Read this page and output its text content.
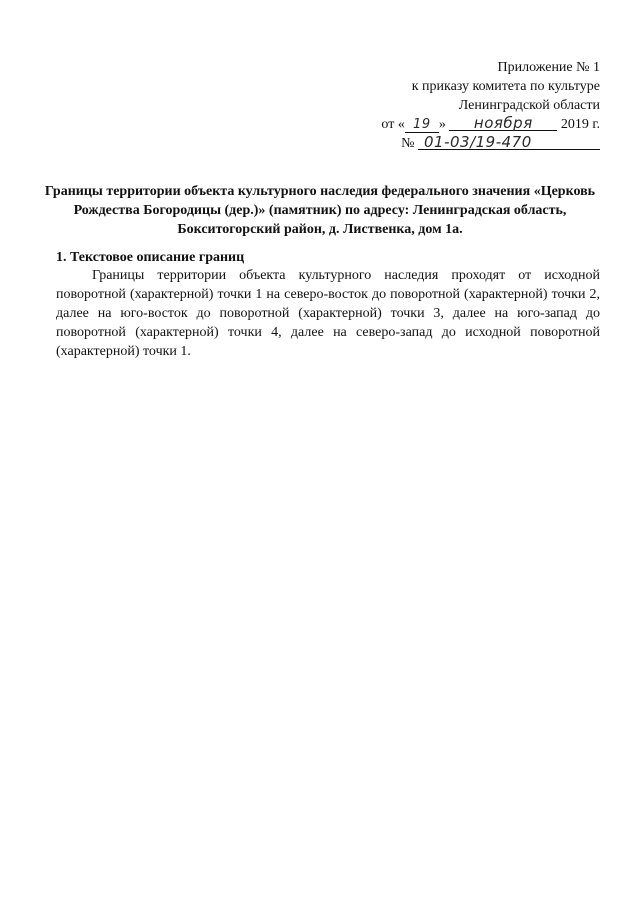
Приложение № 1
к приказу комитета по культуре
Ленинградской области
от « 19 » ноября 2019 г.
№ 01-03/19-470
Границы территории объекта культурного наследия федерального значения «Церковь Рождества Богородицы (дер.)» (памятник) по адресу: Ленинградская область, Бокситогорский район, д. Лиственка, дом 1а.
1. Текстовое описание границ
Границы территории объекта культурного наследия проходят от исходной поворотной (характерной) точки 1 на северо-восток до поворотной (характерной) точки 2, далее на юго-восток до поворотной (характерной) точки 3, далее на юго-запад до поворотной (характерной) точки 4, далее на северо-запад до исходной поворотной (характерной) точки 1.
